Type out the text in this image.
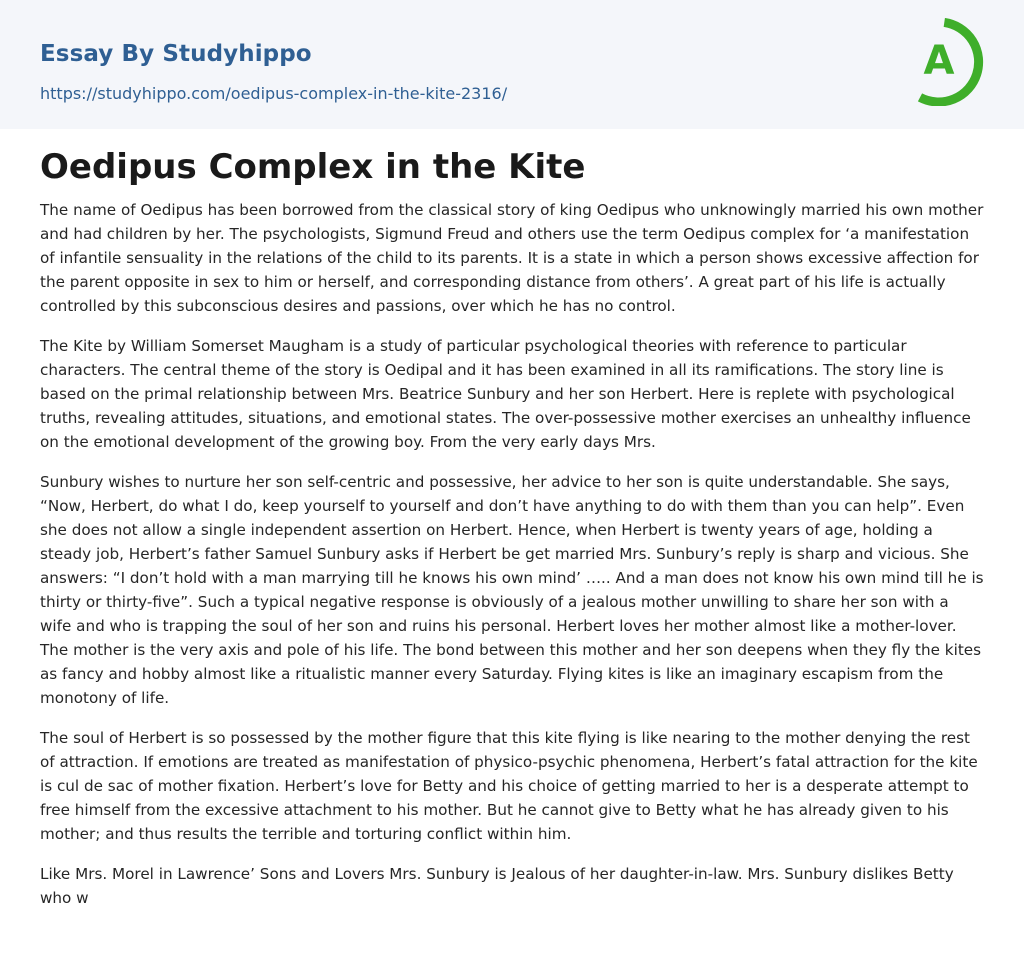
Essay By Studyhippo
https://studyhippo.com/oedipus-complex-in-the-kite-2316/
A
Oedipus Complex in the Kite

The name of Oedipus has been borrowed from the classical story of king Oedipus who unknowingly married his own mother and had children by her. The psychologists, Sigmund Freud and others use the term Oedipus complex for ‘a manifestation of infantile sensuality in the relations of the child to its parents. It is a state in which a person shows excessive affection for the parent opposite in sex to him or herself, and corresponding distance from others’. A great part of his life is actually controlled by this subconscious desires and passions, over which he has no control.

The Kite by William Somerset Maugham is a study of particular psychological theories with reference to particular characters. The central theme of the story is Oedipal and it has been examined in all its ramifications. The story line is based on the primal relationship between Mrs. Beatrice Sunbury and her son Herbert. Here is replete with psychological truths, revealing attitudes, situations, and emotional states. The over-possessive mother exercises an unhealthy influence on the emotional development of the growing boy. From the very early days Mrs.

Sunbury wishes to nurture her son self-centric and possessive, her advice to her son is quite understandable. She says, “Now, Herbert, do what I do, keep yourself to yourself and don’t have anything to do with them than you can help”. Even she does not allow a single independent assertion on Herbert. Hence, when Herbert is twenty years of age, holding a steady job, Herbert’s father Samuel Sunbury asks if Herbert be get married Mrs. Sunbury’s reply is sharp and vicious. She answers: “I don’t hold with a man marrying till he knows his own mind’ ….. And a man does not know his own mind till he is thirty or thirty-five”. Such a typical negative response is obviously of a jealous mother unwilling to share her son with a wife and who is trapping the soul of her son and ruins his personal. Herbert loves her mother almost like a mother-lover. The mother is the very axis and pole of his life. The bond between this mother and her son deepens when they fly the kites as fancy and hobby almost like a ritualistic manner every Saturday. Flying kites is like an imaginary escapism from the monotony of life.

The soul of Herbert is so possessed by the mother figure that this kite flying is like nearing to the mother denying the rest of attraction. If emotions are treated as manifestation of physico-psychic phenomena, Herbert’s fatal attraction for the kite is cul de sac of mother fixation. Herbert’s love for Betty and his choice of getting married to her is a desperate attempt to free himself from the excessive attachment to his mother. But he cannot give to Betty what he has already given to his mother; and thus results the terrible and torturing conflict within him.

Like Mrs. Morel in Lawrence’ Sons and Lovers Mrs. Sunbury is Jealous of her daughter-in-law. Mrs. Sunbury dislikes Betty who w
